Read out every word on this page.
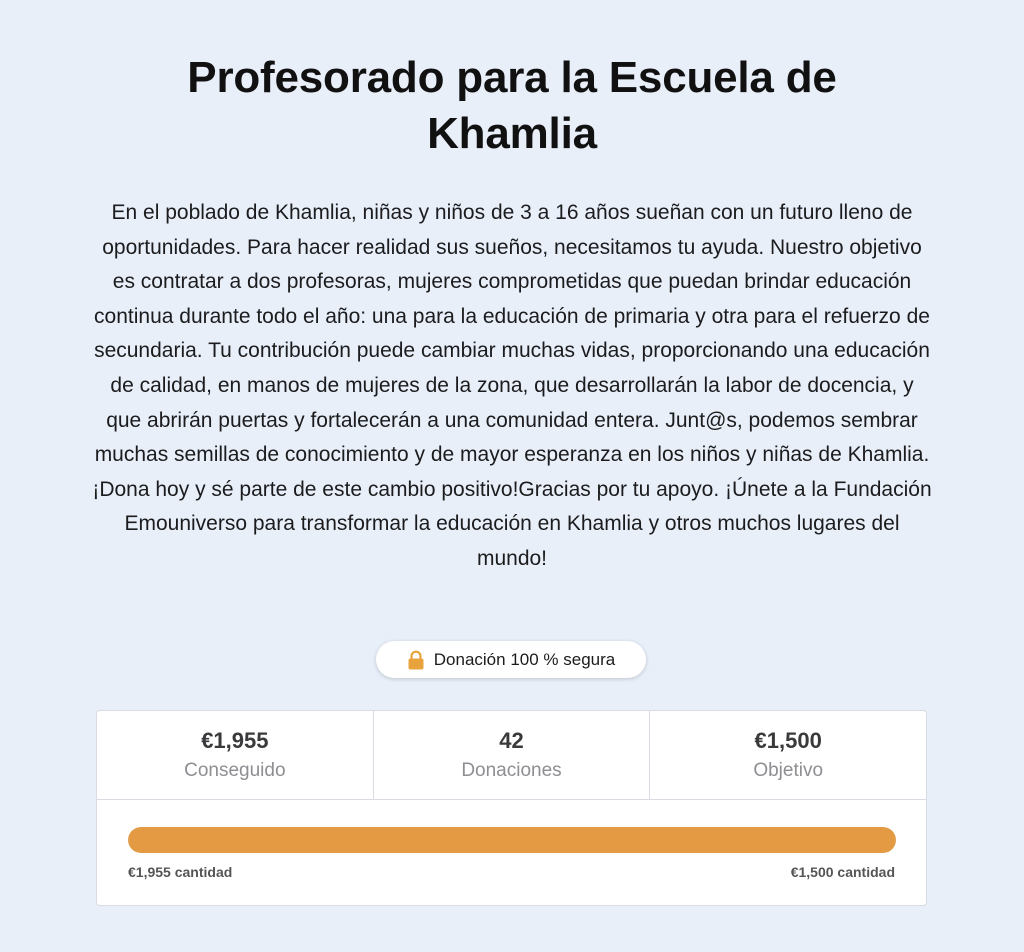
Profesorado para la Escuela de Khamlia

En el poblado de Khamlia, niñas y niños de 3 a 16 años sueñan con un futuro lleno de oportunidades. Para hacer realidad sus sueños, necesitamos tu ayuda. Nuestro objetivo es contratar a dos profesoras, mujeres comprometidas que puedan brindar educación continua durante todo el año: una para la educación de primaria y otra para el refuerzo de secundaria. Tu contribución puede cambiar muchas vidas, proporcionando una educación de calidad, en manos de mujeres de la zona, que desarrollarán la labor de docencia, y que abrirán puertas y fortalecerán a una comunidad entera. Junt@s, podemos sembrar muchas semillas de conocimiento y de mayor esperanza en los niños y niñas de Khamlia. ¡Dona hoy y sé parte de este cambio positivo!Gracias por tu apoyo. ¡Únete a la Fundación Emouniverso para transformar la educación en Khamlia y otros muchos lugares del mundo!

Donación 100 % segura
€1,955
Conseguido
42
Donaciones
€1,500
Objetivo
€1,955 cantidad	€1,500 cantidad
